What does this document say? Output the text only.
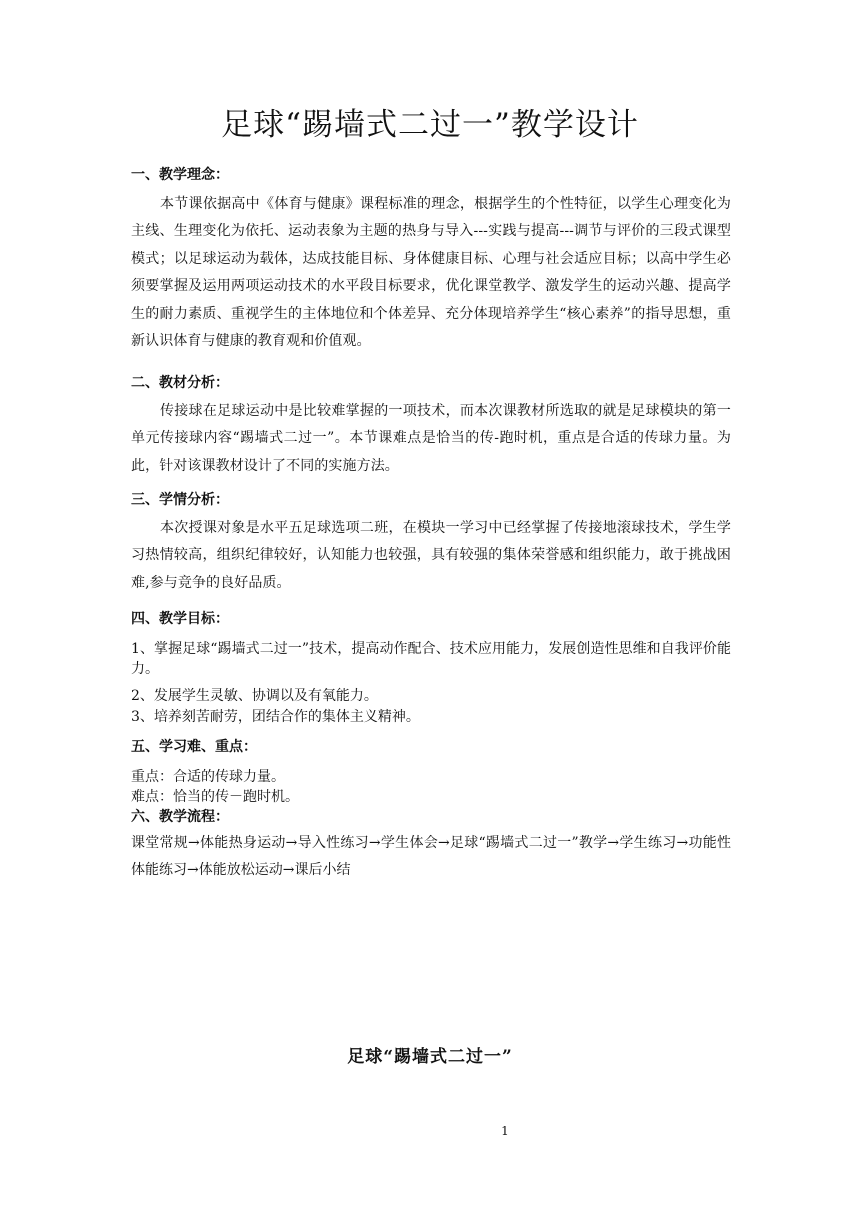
足球“踢墙式二过一”教学设计
一、教学理念：
本节课依据高中《体育与健康》课程标准的理念，根据学生的个性特征，以学生心理变化为主线、生理变化为依托、运动表象为主题的热身与导入---实践与提高---调节与评价的三段式课型模式；以足球运动为载体，达成技能目标、身体健康目标、心理与社会适应目标；以高中学生必须要掌握及运用两项运动技术的水平段目标要求，优化课堂教学、激发学生的运动兴趣、提高学生的耐力素质、重视学生的主体地位和个体差异、充分体现培养学生“核心素养”的指导思想，重新认识体育与健康的教育观和价值观。
二、教材分析：
传接球在足球运动中是比较难掌握的一项技术，而本次课教材所选取的就是足球模块的第一单元传接球内容“踢墙式二过一”。本节课难点是恰当的传-跑时机，重点是合适的传球力量。为此，针对该课教材设计了不同的实施方法。
三、学情分析：
本次授课对象是水平五足球选项二班，在模块一学习中已经掌握了传接地滚球技术，学生学习热情较高，组织纪律较好，认知能力也较强，具有较强的集体荣誉感和组织能力，敢于挑战困难,参与竞争的良好品质。
四、教学目标：
1、掌握足球“踢墙式二过一”技术，提高动作配合、技术应用能力，发展创造性思维和自我评价能力。
2、发展学生灵敏、协调以及有氧能力。
3、培养刻苦耐劳，团结合作的集体主义精神。
五、学习难、重点：
重点：合适的传球力量。
难点：恰当的传－跑时机。
六、教学流程：
课堂常规→体能热身运动→导入性练习→学生体会→足球“踢墙式二过一”教学→学生练习→功能性体能练习→体能放松运动→课后小结
足球“踢墙式二过一”
1
